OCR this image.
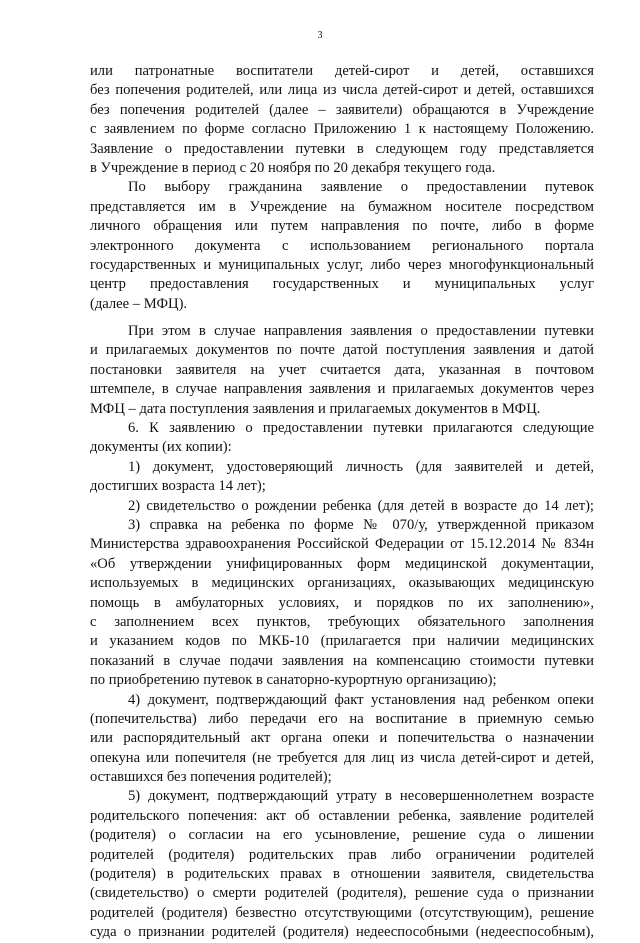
3
или патронатные воспитатели детей-сирот и детей, оставшихся
без попечения родителей, или лица из числа детей-сирот и детей, оставшихся
без попечения родителей (далее – заявители) обращаются в Учреждение
с заявлением по форме согласно Приложению 1 к настоящему Положению.
Заявление о предоставлении путевки в следующем году представляется
в Учреждение в период с 20 ноября по 20 декабря текущего года.
По выбору гражданина заявление о предоставлении путевок
представляется им в Учреждение на бумажном носителе посредством
личного обращения или путем направления по почте, либо в форме
электронного документа с использованием регионального портала
государственных и муниципальных услуг, либо через многофункциональный
центр предоставления государственных и муниципальных услуг
(далее – МФЦ).
При этом в случае направления заявления о предоставлении путевки
и прилагаемых документов по почте датой поступления заявления и датой
постановки заявителя на учет считается дата, указанная в почтовом
штемпеле, в случае направления заявления и прилагаемых документов через
МФЦ – дата поступления заявления и прилагаемых документов в МФЦ.
6. К заявлению о предоставлении путевки прилагаются следующие
документы (их копии):
1) документ, удостоверяющий личность (для заявителей и детей,
достигших возраста 14 лет);
2) свидетельство о рождении ребенка (для детей в возрасте до 14 лет);
3) справка на ребенка по форме № 070/у, утвержденной приказом
Министерства здравоохранения Российской Федерации от 15.12.2014 № 834н
«Об утверждении унифицированных форм медицинской документации,
используемых в медицинских организациях, оказывающих медицинскую
помощь в амбулаторных условиях, и порядков по их заполнению»,
с заполнением всех пунктов, требующих обязательного заполнения
и указанием кодов по МКБ-10 (прилагается при наличии медицинских
показаний в случае подачи заявления на компенсацию стоимости путевки
по приобретению путевок в санаторно-курортную организацию);
4) документ, подтверждающий факт установления над ребенком опеки
(попечительства) либо передачи его на воспитание в приемную семью
или распорядительный акт органа опеки и попечительства о назначении
опекуна или попечителя (не требуется для лиц из числа детей-сирот и детей,
оставшихся без попечения родителей);
5) документ, подтверждающий утрату в несовершеннолетнем возрасте
родительского попечения: акт об оставлении ребенка, заявление родителей
(родителя) о согласии на его усыновление, решение суда о лишении
родителей (родителя) родительских прав либо ограничении родителей
(родителя) в родительских правах в отношении заявителя, свидетельства
(свидетельство) о смерти родителей (родителя), решение суда о признании
родителей (родителя) безвестно отсутствующими (отсутствующим), решение
суда о признании родителей (родителя) недееспособными (недееспособным),
